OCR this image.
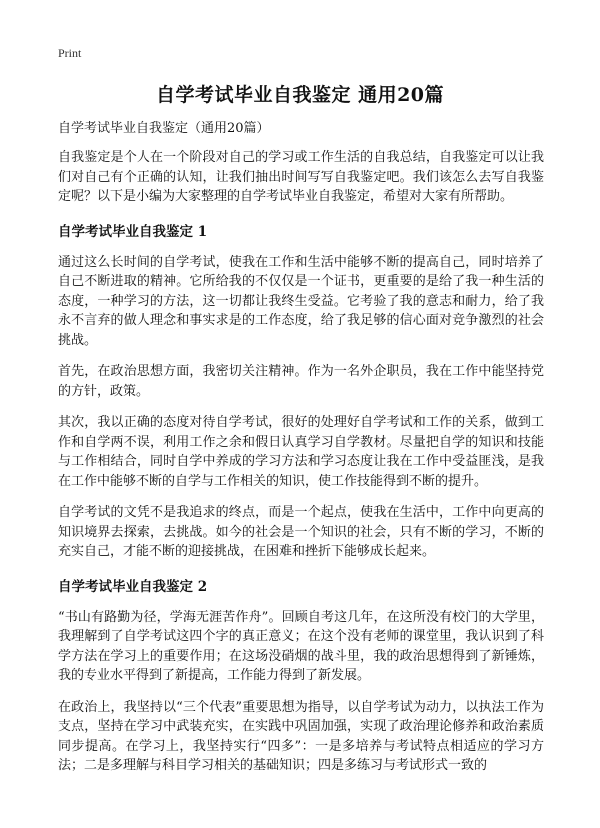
Print
自学考试毕业自我鉴定 通用20篇
自学考试毕业自我鉴定（通用20篇）

自我鉴定是个人在一个阶段对自己的学习或工作生活的自我总结，自我鉴定可以让我们对自己有个正确的认知，让我们抽出时间写写自我鉴定吧。我们该怎么去写自我鉴定呢？以下是小编为大家整理的自学考试毕业自我鉴定，希望对大家有所帮助。

自学考试毕业自我鉴定 1

通过这么长时间的自学考试，使我在工作和生活中能够不断的提高自己，同时培养了自己不断进取的精神。它所给我的不仅仅是一个证书，更重要的是给了我一种生活的态度，一种学习的方法，这一切都让我终生受益。它考验了我的意志和耐力，给了我永不言弃的做人理念和事实求是的工作态度，给了我足够的信心面对竞争激烈的社会挑战。

首先，在政治思想方面，我密切关注精神。作为一名外企职员，我在工作中能坚持党的方针，政策。

其次，我以正确的态度对待自学考试，很好的处理好自学考试和工作的关系，做到工作和自学两不误，利用工作之余和假日认真学习自学教材。尽量把自学的知识和技能与工作相结合，同时自学中养成的学习方法和学习态度让我在工作中受益匪浅，是我在工作中能够不断的自学与工作相关的知识，使工作技能得到不断的提升。

自学考试的文凭不是我追求的终点，而是一个起点，使我在生活中，工作中向更高的知识境界去探索，去挑战。如今的社会是一个知识的社会，只有不断的学习，不断的充实自己，才能不断的迎接挑战，在困难和挫折下能够成长起来。

自学考试毕业自我鉴定 2

“书山有路勤为径，学海无涯苦作舟”。回顾自考这几年，在这所没有校门的大学里，我理解到了自学考试这四个字的真正意义；在这个没有老师的课堂里，我认识到了科学方法在学习上的重要作用；在这场没硝烟的战斗里，我的政治思想得到了新锤炼，我的专业水平得到了新提高，工作能力得到了新发展。

在政治上，我坚持以“三个代表”重要思想为指导，以自学考试为动力，以执法工作为支点，坚持在学习中武装充实，在实践中巩固加强，实现了政治理论修养和政治素质同步提高。在学习上，我坚持实行“四多”：一是多培养与考试特点相适应的学习方法；二是多理解与科目学习相关的基础知识；四是多练习与考试形式一致的
